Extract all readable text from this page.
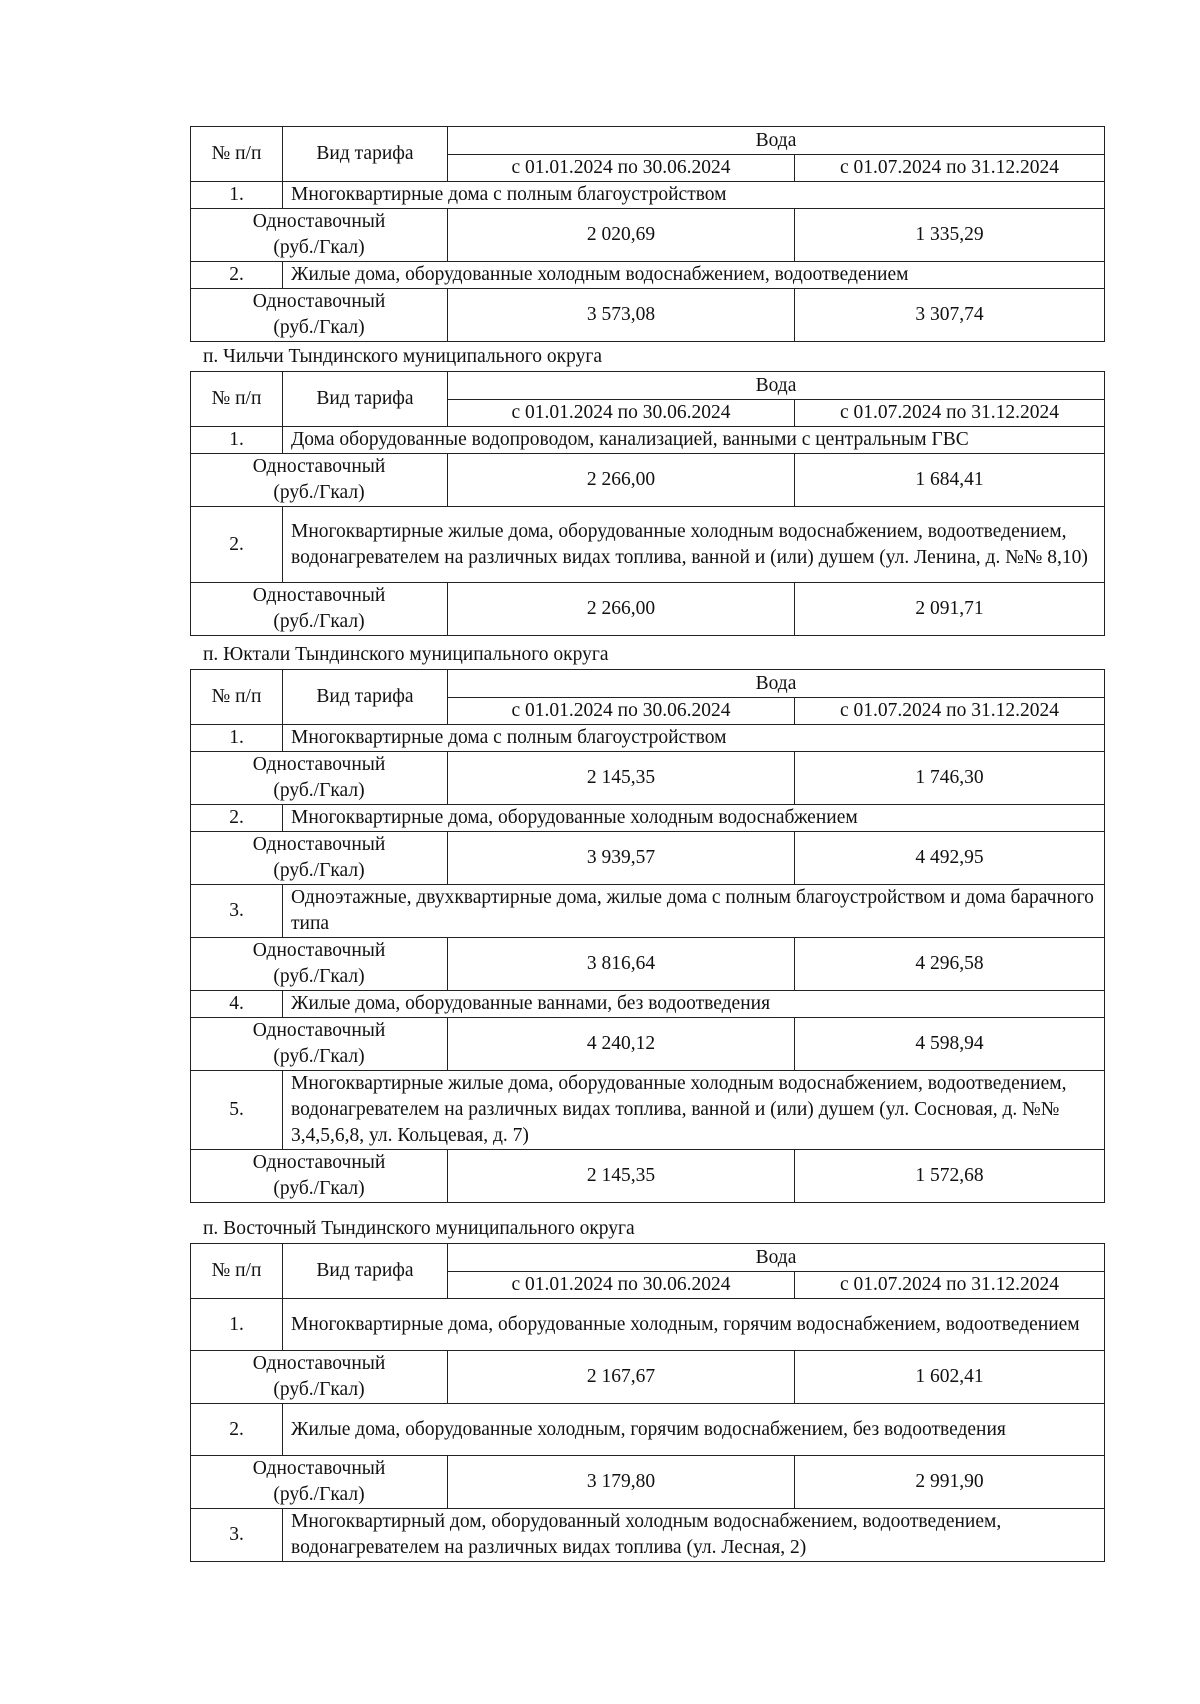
№ п/п	Вид тарифа	Вода	
		с 01.01.2024 по 30.06.2024	с 01.07.2024 по 31.12.2024
1.	Многоквартирные дома с полным благоустройством		
Одноставочный
(руб./Гкал)		2 020,69	1 335,29
2.	Жилые дома, оборудованные холодным водоснабжением, водоотведением		
Одноставочный
(руб./Гкал)		3 573,08	3 307,74
п. Чильчи Тындинского муниципального округа
№ п/п	Вид тарифа	Вода	
		с 01.01.2024 по 30.06.2024	с 01.07.2024 по 31.12.2024
1.	Дома оборудованные водопроводом, канализацией, ванными с центральным ГВС		
Одноставочный
(руб./Гкал)		2 266,00	1 684,41
2.	Многоквартирные жилые дома, оборудованные холодным водоснабжением, водоотведением, водонагревателем на различных видах топлива, ванной и (или) душем (ул. Ленина, д. №№ 8,10)		
Одноставочный
(руб./Гкал)		2 266,00	2 091,71
п. Юктали Тындинского муниципального округа
№ п/п	Вид тарифа	Вода	
		с 01.01.2024 по 30.06.2024	с 01.07.2024 по 31.12.2024
1.	Многоквартирные дома с полным благоустройством		
Одноставочный
(руб./Гкал)		2 145,35	1 746,30
2.	Многоквартирные дома, оборудованные холодным водоснабжением		
Одноставочный
(руб./Гкал)		3 939,57	4 492,95
3.	Одноэтажные, двухквартирные дома, жилые дома с полным благоустройством и дома барачного типа		
Одноставочный
(руб./Гкал)		3 816,64	4 296,58
4.	Жилые дома, оборудованные ваннами, без водоотведения		
Одноставочный
(руб./Гкал)		4 240,12	4 598,94
5.	Многоквартирные жилые дома, оборудованные холодным водоснабжением, водоотведением, водонагревателем на различных видах топлива, ванной и (или) душем (ул. Сосновая, д. №№ 3,4,5,6,8, ул. Кольцевая, д. 7)		
Одноставочный
(руб./Гкал)		2 145,35	1 572,68
п. Восточный Тындинского муниципального округа
№ п/п	Вид тарифа	Вода	
		с 01.01.2024 по 30.06.2024	с 01.07.2024 по 31.12.2024
1.	Многоквартирные дома, оборудованные холодным, горячим водоснабжением, водоотведением		
Одноставочный
(руб./Гкал)		2 167,67	1 602,41
2.	Жилые дома, оборудованные холодным, горячим водоснабжением, без водоотведения		
Одноставочный
(руб./Гкал)		3 179,80	2 991,90
3.	Многоквартирный дом, оборудованный холодным водоснабжением, водоотведением, водонагревателем на различных видах топлива (ул. Лесная, 2)		
